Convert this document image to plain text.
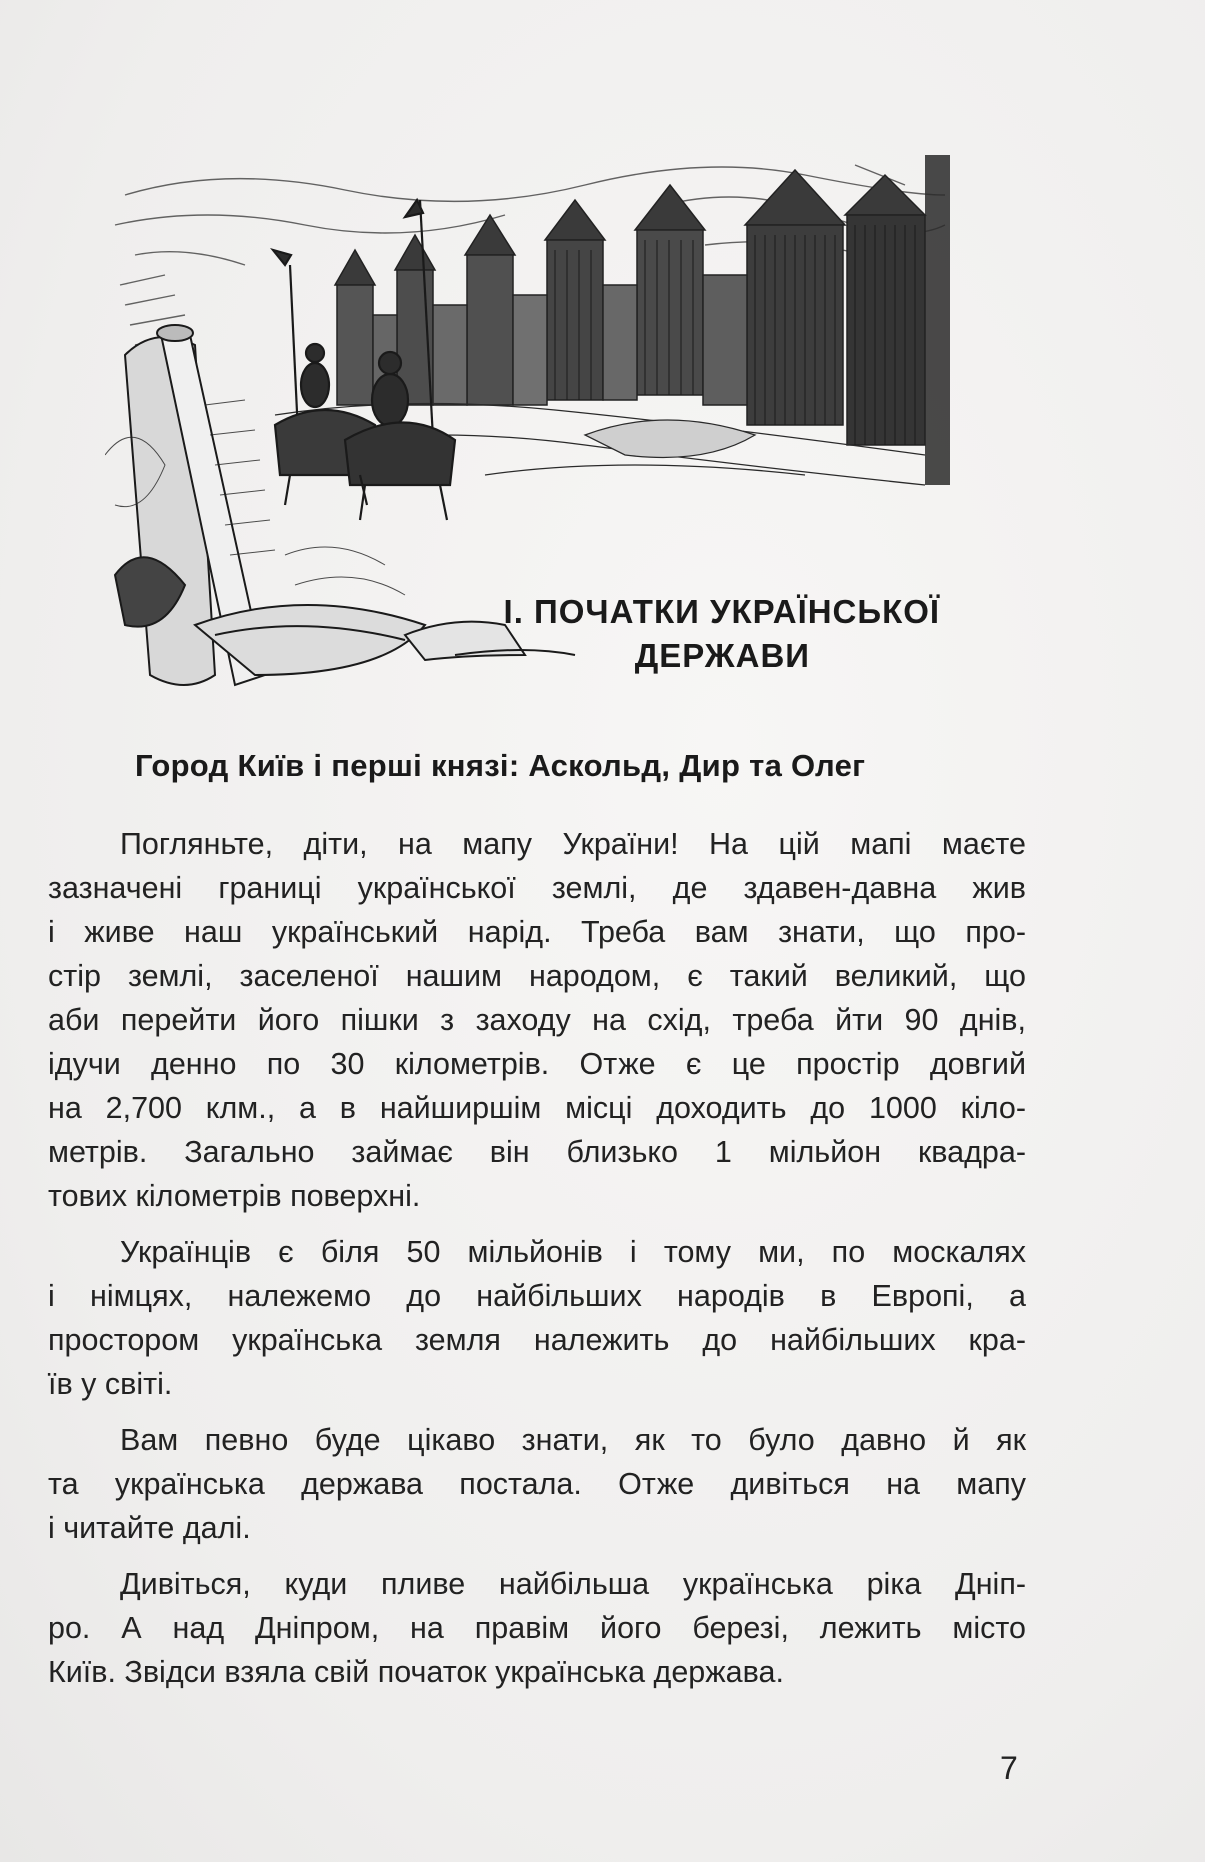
І. ПОЧАТКИ УКРАЇНСЬКОЇ
ДЕРЖАВИ
Город Київ і перші князі: Аскольд, Дир та Олег

Погляньте, діти, на мапу України! На цій мапі маєте
зазначені границі української землі, де здавен-давна жив
і живе наш український нарід. Треба вам знати, що про-
стір землі, заселеної нашим народом, є такий великий, що
аби перейти його пішки з заходу на схід, треба йти 90 днів,
ідучи денно по 30 кілометрів. Отже є це простір довгий
на 2,700 клм., а в найширшім місці доходить до 1000 кіло-
метрів. Загально займає він близько 1 мільйон квадра-
тових кілометрів поверхні.

Українців є біля 50 мільйонів і тому ми, по москалях
і німцях, належемо до найбільших народів в Европі, а
простором українська земля належить до найбільших кра-
їв у світі.

Вам певно буде цікаво знати, як то було давно й як
та українська держава постала. Отже дивіться на мапу
і читайте далі.

Дивіться, куди пливе найбільша українська ріка Дніп-
ро. А над Дніпром, на правім його березі, лежить місто
Київ. Звідси взяла свій початок українська держава.

7
